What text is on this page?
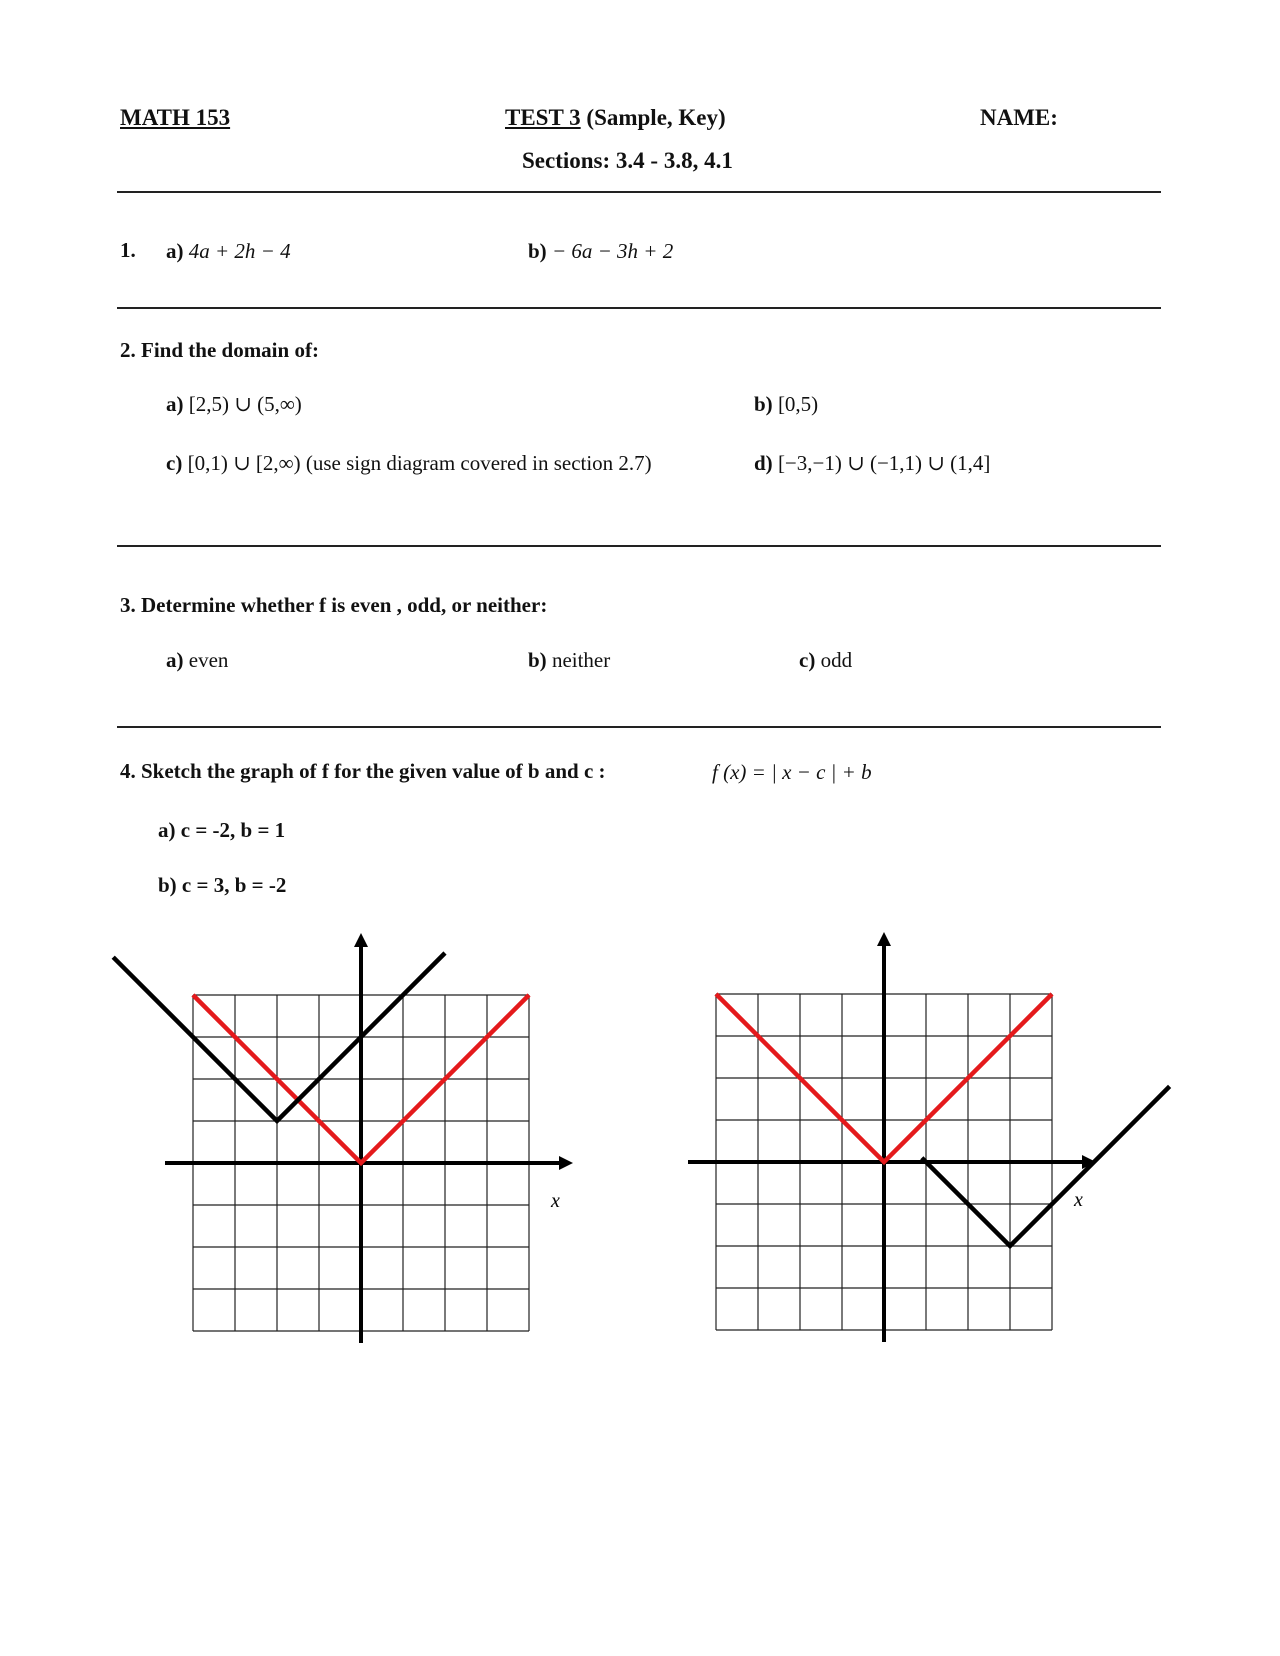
MATH 153	TEST 3 (Sample, Key)	NAME:
Sections: 3.4 - 3.8, 4.1
1. a) 4a + 2h − 4	b) − 6a − 3h + 2
2. Find the domain of:
a) [2,5) ∪ (5,∞)	b) [0,5)
c) [0,1) ∪ [2,∞) (use sign diagram covered in section 2.7)	d) [−3,−1) ∪ (−1,1) ∪ (1,4]
3. Determine whether f is even , odd, or neither:
a) even	b) neither	c) odd
4. Sketch the graph of f for the given value of b and c :	f (x) = | x − c | + b
a) c = -2, b = 1
b) c = 3, b = -2
x	x
